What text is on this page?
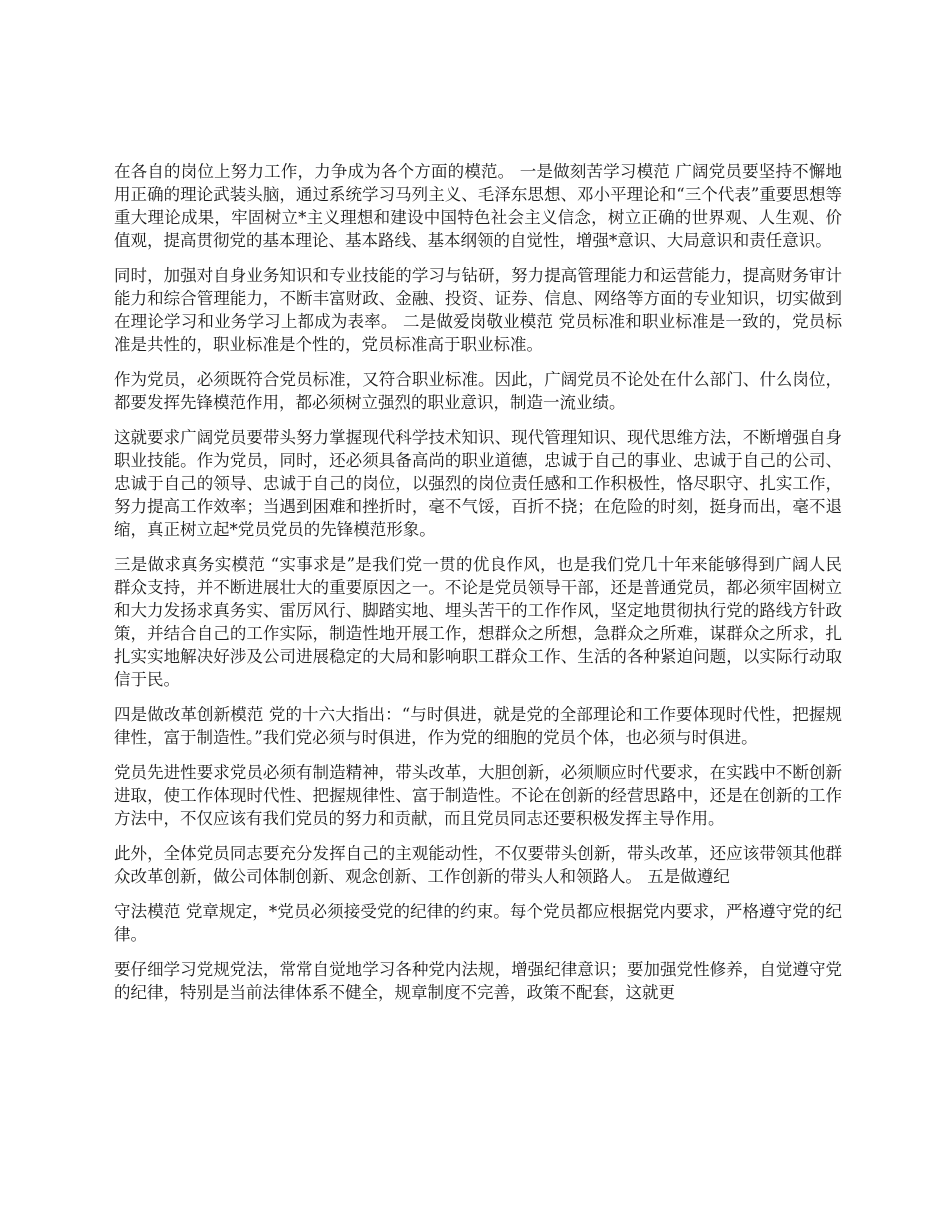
在各自的岗位上努力工作，力争成为各个方面的模范。 一是做刻苦学习模范 广阔党员要坚持不懈地用正确的理论武装头脑，通过系统学习马列主义、毛泽东思想、邓小平理论和“三个代表”重要思想等重大理论成果，牢固树立*主义理想和建设中国特色社会主义信念，树立正确的世界观、人生观、价值观，提高贯彻党的基本理论、基本路线、基本纲领的自觉性，增强*意识、大局意识和责任意识。

同时，加强对自身业务知识和专业技能的学习与钻研，努力提高管理能力和运营能力，提高财务审计能力和综合管理能力，不断丰富财政、金融、投资、证券、信息、网络等方面的专业知识，切实做到在理论学习和业务学习上都成为表率。 二是做爱岗敬业模范 党员标准和职业标准是一致的，党员标准是共性的，职业标准是个性的，党员标准高于职业标准。

作为党员，必须既符合党员标准，又符合职业标准。因此，广阔党员不论处在什么部门、什么岗位，都要发挥先锋模范作用，都必须树立强烈的职业意识，制造一流业绩。

这就要求广阔党员要带头努力掌握现代科学技术知识、现代管理知识、现代思维方法，不断增强自身职业技能。作为党员，同时，还必须具备高尚的职业道德，忠诚于自己的事业、忠诚于自己的公司、忠诚于自己的领导、忠诚于自己的岗位，以强烈的岗位责任感和工作积极性，恪尽职守、扎实工作，努力提高工作效率；当遇到困难和挫折时，毫不气馁，百折不挠；在危险的时刻，挺身而出，毫不退缩，真正树立起*党员党员的先锋模范形象。

三是做求真务实模范 “实事求是”是我们党一贯的优良作风，也是我们党几十年来能够得到广阔人民群众支持，并不断进展壮大的重要原因之一。不论是党员领导干部，还是普通党员，都必须牢固树立和大力发扬求真务实、雷厉风行、脚踏实地、埋头苦干的工作作风，坚定地贯彻执行党的路线方针政策，并结合自己的工作实际，制造性地开展工作，想群众之所想，急群众之所难，谋群众之所求，扎扎实实地解决好涉及公司进展稳定的大局和影响职工群众工作、生活的各种紧迫问题，以实际行动取信于民。

四是做改革创新模范 党的十六大指出：“与时俱进，就是党的全部理论和工作要体现时代性，把握规律性，富于制造性。”我们党必须与时俱进，作为党的细胞的党员个体，也必须与时俱进。

党员先进性要求党员必须有制造精神，带头改革，大胆创新，必须顺应时代要求，在实践中不断创新进取，使工作体现时代性、把握规律性、富于制造性。不论在创新的经营思路中，还是在创新的工作方法中，不仅应该有我们党员的努力和贡献，而且党员同志还要积极发挥主导作用。

此外，全体党员同志要充分发挥自己的主观能动性，不仅要带头创新，带头改革，还应该带领其他群众改革创新，做公司体制创新、观念创新、工作创新的带头人和领路人。 五是做遵纪

守法模范 党章规定，*党员必须接受党的纪律的约束。每个党员都应根据党内要求，严格遵守党的纪律。

要仔细学习党规党法，常常自觉地学习各种党内法规，增强纪律意识；要加强党性修养，自觉遵守党的纪律，特别是当前法律体系不健全，规章制度不完善，政策不配套，这就更
